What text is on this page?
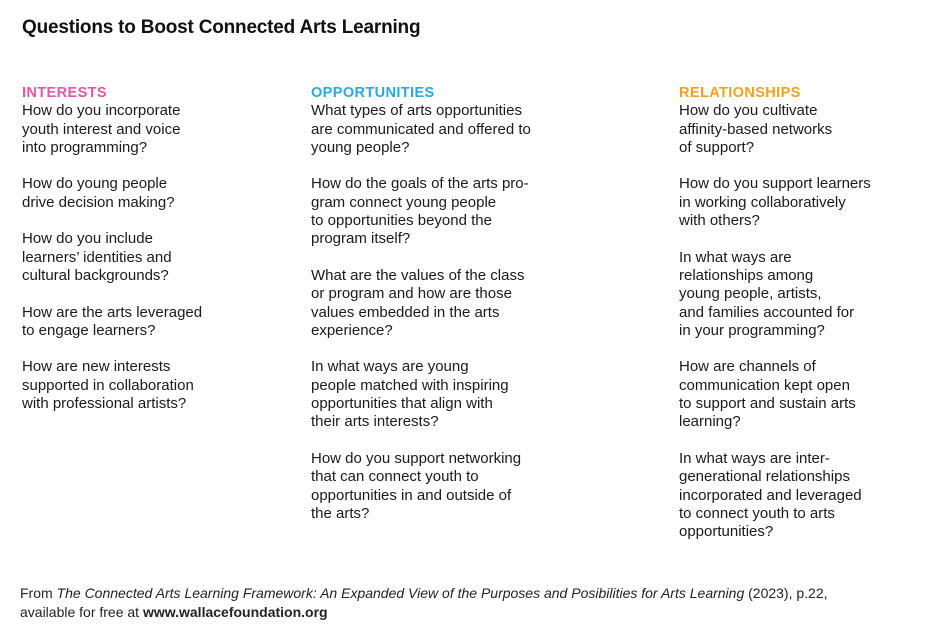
Questions to Boost Connected Arts Learning
INTERESTS

How do you incorporate
youth interest and voice
into programming?

How do young people
drive decision making?

How do you include
learners’ identities and
cultural backgrounds?

How are the arts leveraged
to engage learners?

How are new interests
supported in collaboration
with professional artists?

OPPORTUNITIES

What types of arts opportunities
are communicated and offered to
young people?

How do the goals of the arts pro-
gram connect young people
to opportunities beyond the
program itself?

What are the values of the class
or program and how are those
values embedded in the arts
experience?

In what ways are young
people matched with inspiring
opportunities that align with
their arts interests?

How do you support networking
that can connect youth to
opportunities in and outside of
the arts?

RELATIONSHIPS

How do you cultivate
affinity-based networks
of support?

How do you support learners
in working collaboratively
with others?

In what ways are
relationships among
young people, artists,
and families accounted for
in your programming?

How are channels of
communication kept open
to support and sustain arts
learning?

In what ways are inter-
generational relationships
incorporated and leveraged
to connect youth to arts
opportunities?

From The Connected Arts Learning Framework: An Expanded View of the Purposes and Posibilities for Arts Learning (2023), p.22,
available for free at www.wallacefoundation.org
